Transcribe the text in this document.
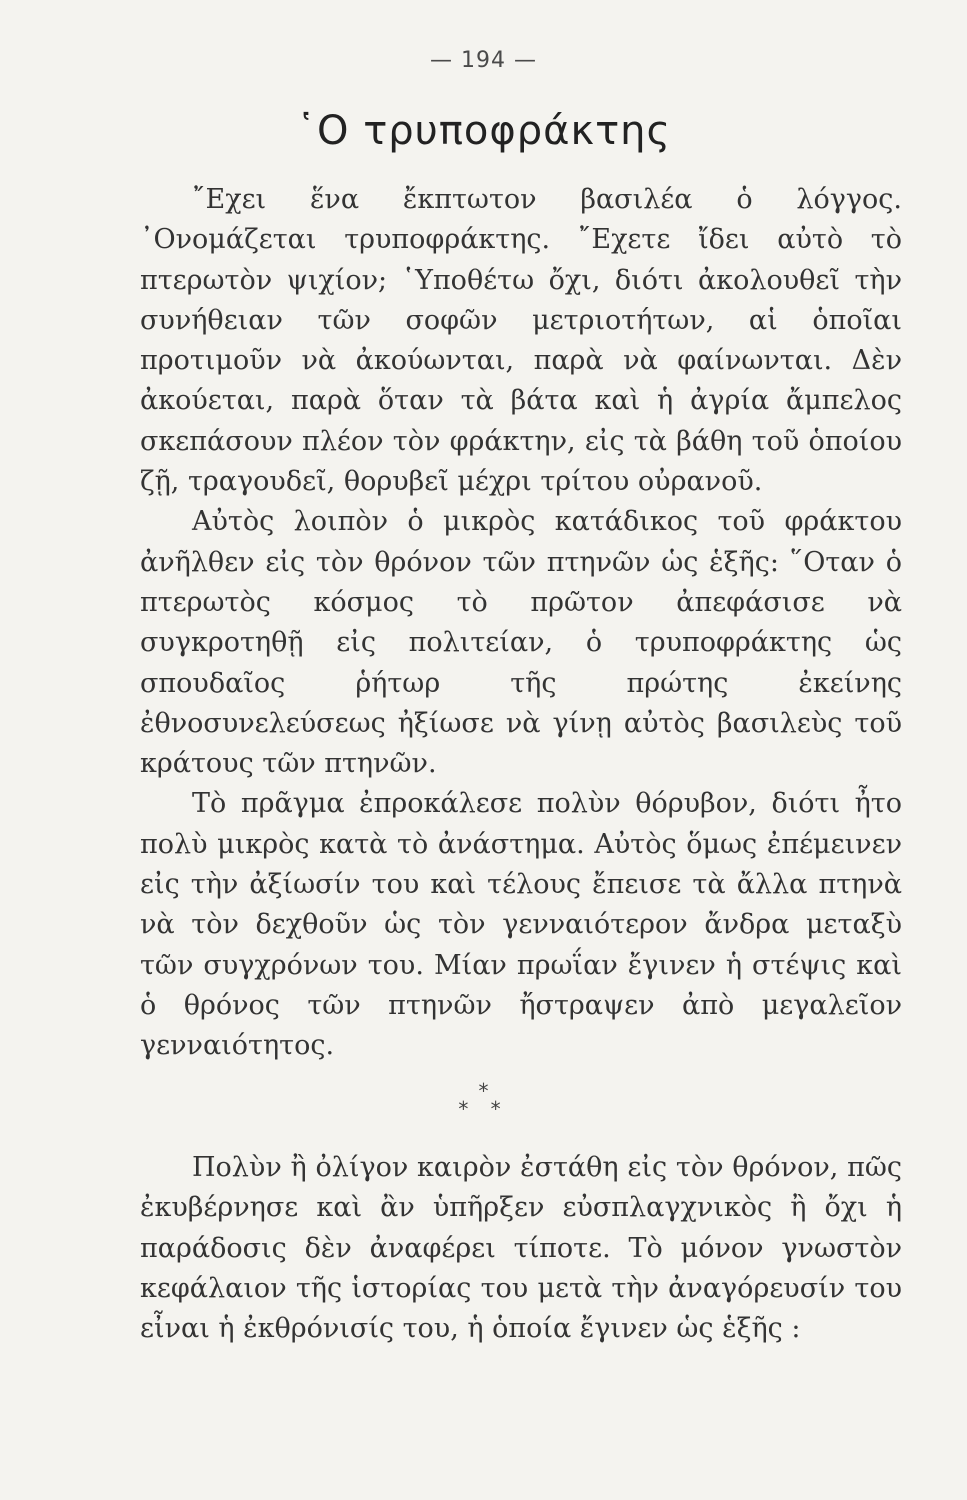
— 194 —
῾Ο τρυποφράκτης

῎Εχει ἕνα ἔκπτωτον βασιλέα ὁ λόγγος. ᾿Ονομάζεται τρυποφράκτης. ῎Εχετε ἴδει αὐτὸ τὸ πτερωτὸν ψιχίον; ῾Υποθέτω ὄχι, διότι ἀκολουθεῖ τὴν συνήθειαν τῶν σοφῶν μετριοτήτων, αἱ ὁποῖαι προτιμοῦν νὰ ἀκούωνται, παρὰ νὰ φαίνωνται. Δὲν ἀκούεται, παρὰ ὅταν τὰ βάτα καὶ ἡ ἀγρία ἄμπελος σκεπάσουν πλέον τὸν φράκτην, εἰς τὰ βάθη τοῦ ὁποίου ζῇ, τραγουδεῖ, θορυβεῖ μέχρι τρίτου οὐρανοῦ.

Αὐτὸς λοιπὸν ὁ μικρὸς κατάδικος τοῦ φράκτου ἀνῆλθεν εἰς τὸν θρόνον τῶν πτηνῶν ὡς ἑξῆς: ῞Οταν ὁ πτερωτὸς κόσμος τὸ πρῶτον ἀπεφάσισε νὰ συγκροτηθῇ εἰς πολιτείαν, ὁ τρυποφράκτης ὡς σπουδαῖος ῥήτωρ τῆς πρώτης ἐκείνης ἐθνοσυνελεύσεως ἠξίωσε νὰ γίνῃ αὐτὸς βασιλεὺς τοῦ κράτους τῶν πτηνῶν.

Τὸ πρᾶγμα ἐπροκάλεσε πολὺν θόρυβον, διότι ἦτο πολὺ μικρὸς κατὰ τὸ ἀνάστημα. Αὐτὸς ὅμως ἐπέμεινεν εἰς τὴν ἀξίωσίν του καὶ τέλους ἔπεισε τὰ ἄλλα πτηνὰ νὰ τὸν δεχθοῦν ὡς τὸν γενναιότερον ἄνδρα μεταξὺ τῶν συγχρόνων του. Μίαν πρωΐαν ἔγινεν ἡ στέψις καὶ ὁ θρόνος τῶν πτηνῶν ἤστραψεν ἀπὸ μεγαλεῖον γενναιότητος.

*
* *

Πολὺν ἢ ὀλίγον καιρὸν ἐστάθη εἰς τὸν θρόνον, πῶς ἐκυβέρνησε καὶ ἂν ὑπῆρξεν εὐσπλαγχνικὸς ἢ ὄχι ἡ παράδοσις δὲν ἀναφέρει τίποτε. Τὸ μόνον γνωστὸν κεφάλαιον τῆς ἱστορίας του μετὰ τὴν ἀναγόρευσίν του εἶναι ἡ ἐκθρόνισίς του, ἡ ὁποία ἔγινεν ὡς ἑξῆς :
